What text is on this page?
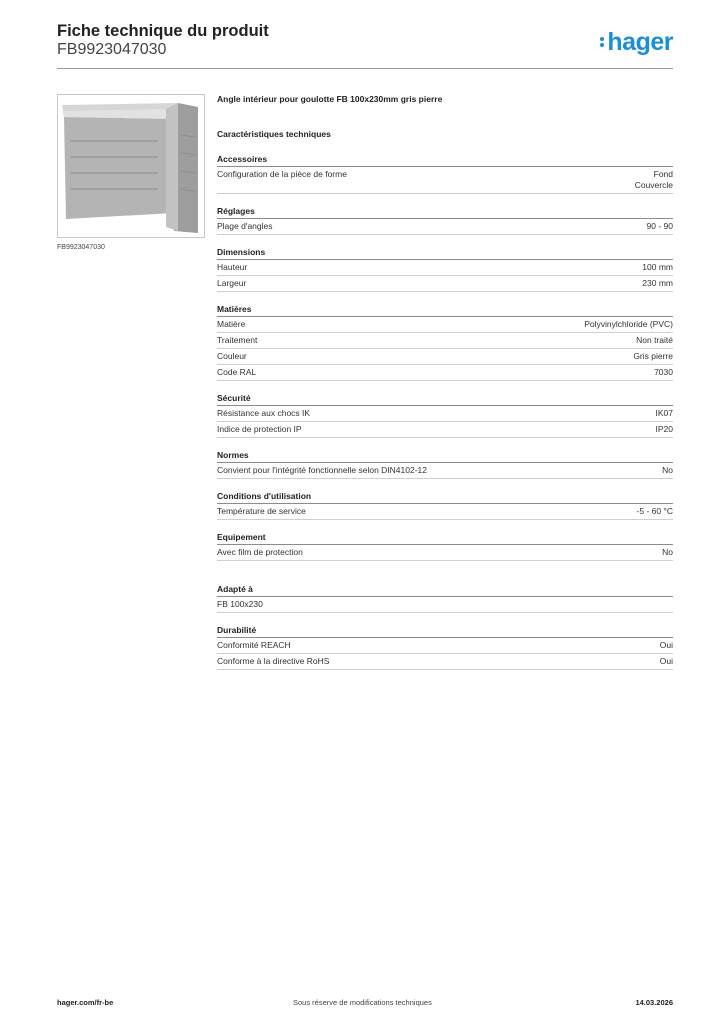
Fiche technique du produit
FB9923047030	hager
FB9923047030
Angle intérieur pour goulotte FB 100x230mm gris pierre
Caractéristiques techniques
Accessoires
Configuration de la pièce de forme	Fond
Couvercle
Réglages
Plage d'angles	90 - 90
Dimensions
Hauteur	100 mm
Largeur	230 mm
Matières
Matière	Polyvinylchloride (PVC)
Traitement	Non traité
Couleur	Gris pierre
Code RAL	7030
Sécurité
Résistance aux chocs IK	IK07
Indice de protection IP	IP20
Normes
Convient pour l'intégrité fonctionnelle selon DIN4102-12	No
Conditions d'utilisation
Température de service	-5 - 60 °C
Equipement
Avec film de protection	No
Adapté à
FB 100x230
Durabilité
Conformité REACH	Oui
Conforme à la directive RoHS	Oui
hager.com/fr-be	Sous réserve de modifications techniques	14.03.2026
